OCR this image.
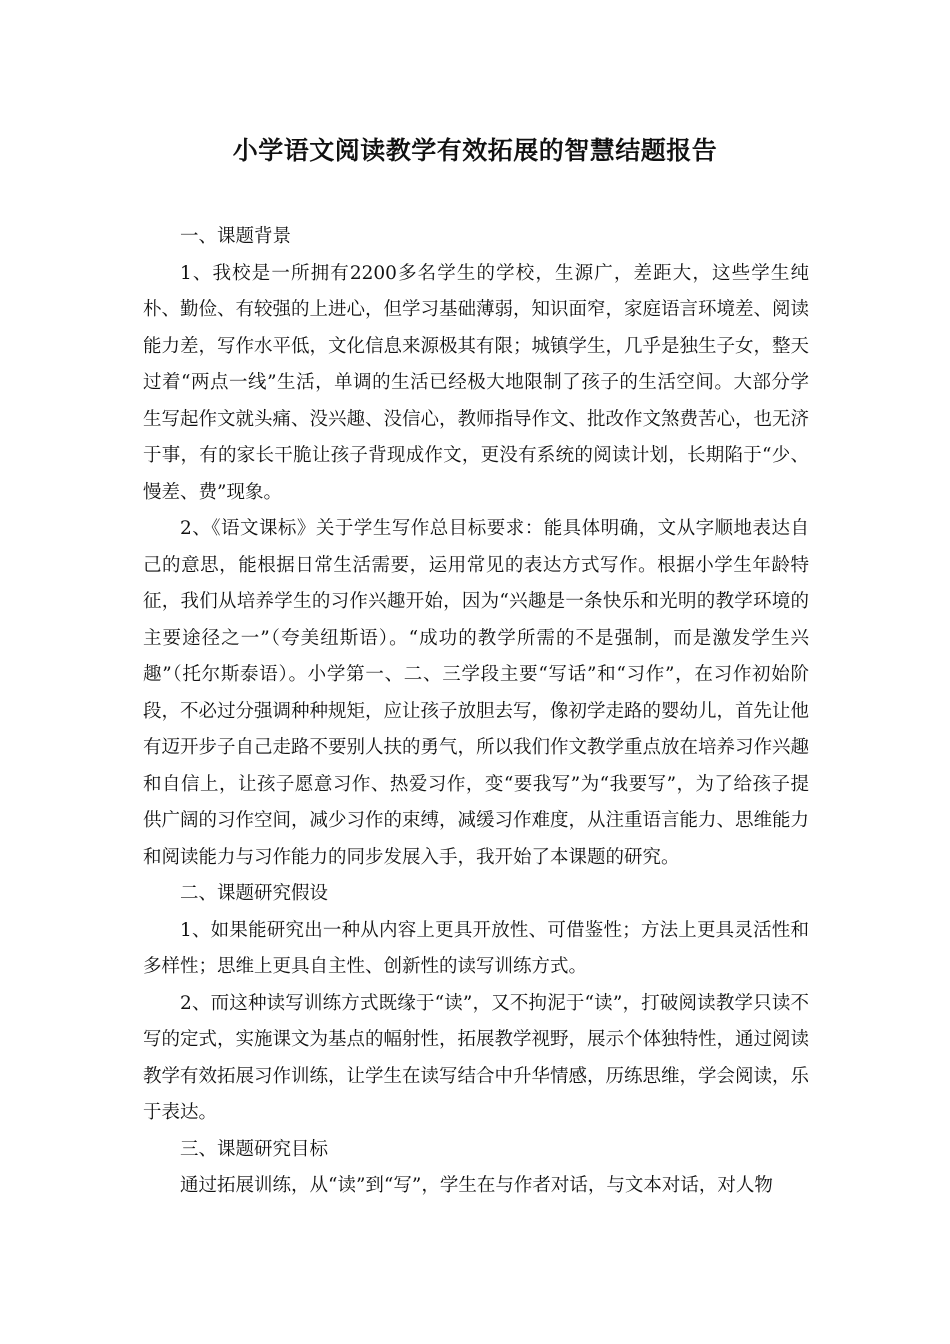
小学语文阅读教学有效拓展的智慧结题报告

一、课题背景

1、我校是一所拥有2200多名学生的学校，生源广，差距大，这些学生纯朴、勤俭、有较强的上进心，但学习基础薄弱，知识面窄，家庭语言环境差、阅读能力差，写作水平低，文化信息来源极其有限；城镇学生，几乎是独生子女，整天过着“两点一线”生活，单调的生活已经极大地限制了孩子的生活空间。大部分学生写起作文就头痛、没兴趣、没信心，教师指导作文、批改作文煞费苦心，也无济于事，有的家长干脆让孩子背现成作文，更没有系统的阅读计划，长期陷于“少、慢差、费”现象。

2、《语文课标》关于学生写作总目标要求：能具体明确，文从字顺地表达自己的意思，能根据日常生活需要，运用常见的表达方式写作。根据小学生年龄特征，我们从培养学生的习作兴趣开始，因为“兴趣是一条快乐和光明的教学环境的主要途径之一”（夸美纽斯语）。“成功的教学所需的不是强制，而是激发学生兴趣”（托尔斯泰语）。小学第一、二、三学段主要“写话”和“习作”，在习作初始阶段，不必过分强调种种规矩，应让孩子放胆去写，像初学走路的婴幼儿，首先让他有迈开步子自己走路不要别人扶的勇气，所以我们作文教学重点放在培养习作兴趣和自信上，让孩子愿意习作、热爱习作，变“要我写”为“我要写”，为了给孩子提供广阔的习作空间，减少习作的束缚，减缓习作难度，从注重语言能力、思维能力和阅读能力与习作能力的同步发展入手，我开始了本课题的研究。

二、课题研究假设

1、如果能研究出一种从内容上更具开放性、可借鉴性；方法上更具灵活性和多样性；思维上更具自主性、创新性的读写训练方式。

2、而这种读写训练方式既缘于“读”，又不拘泥于“读”，打破阅读教学只读不写的定式，实施课文为基点的幅射性，拓展教学视野，展示个体独特性，通过阅读教学有效拓展习作训练，让学生在读写结合中升华情感，历练思维，学会阅读，乐于表达。

三、课题研究目标

通过拓展训练，从“读”到“写”，学生在与作者对话，与文本对话，对人物
